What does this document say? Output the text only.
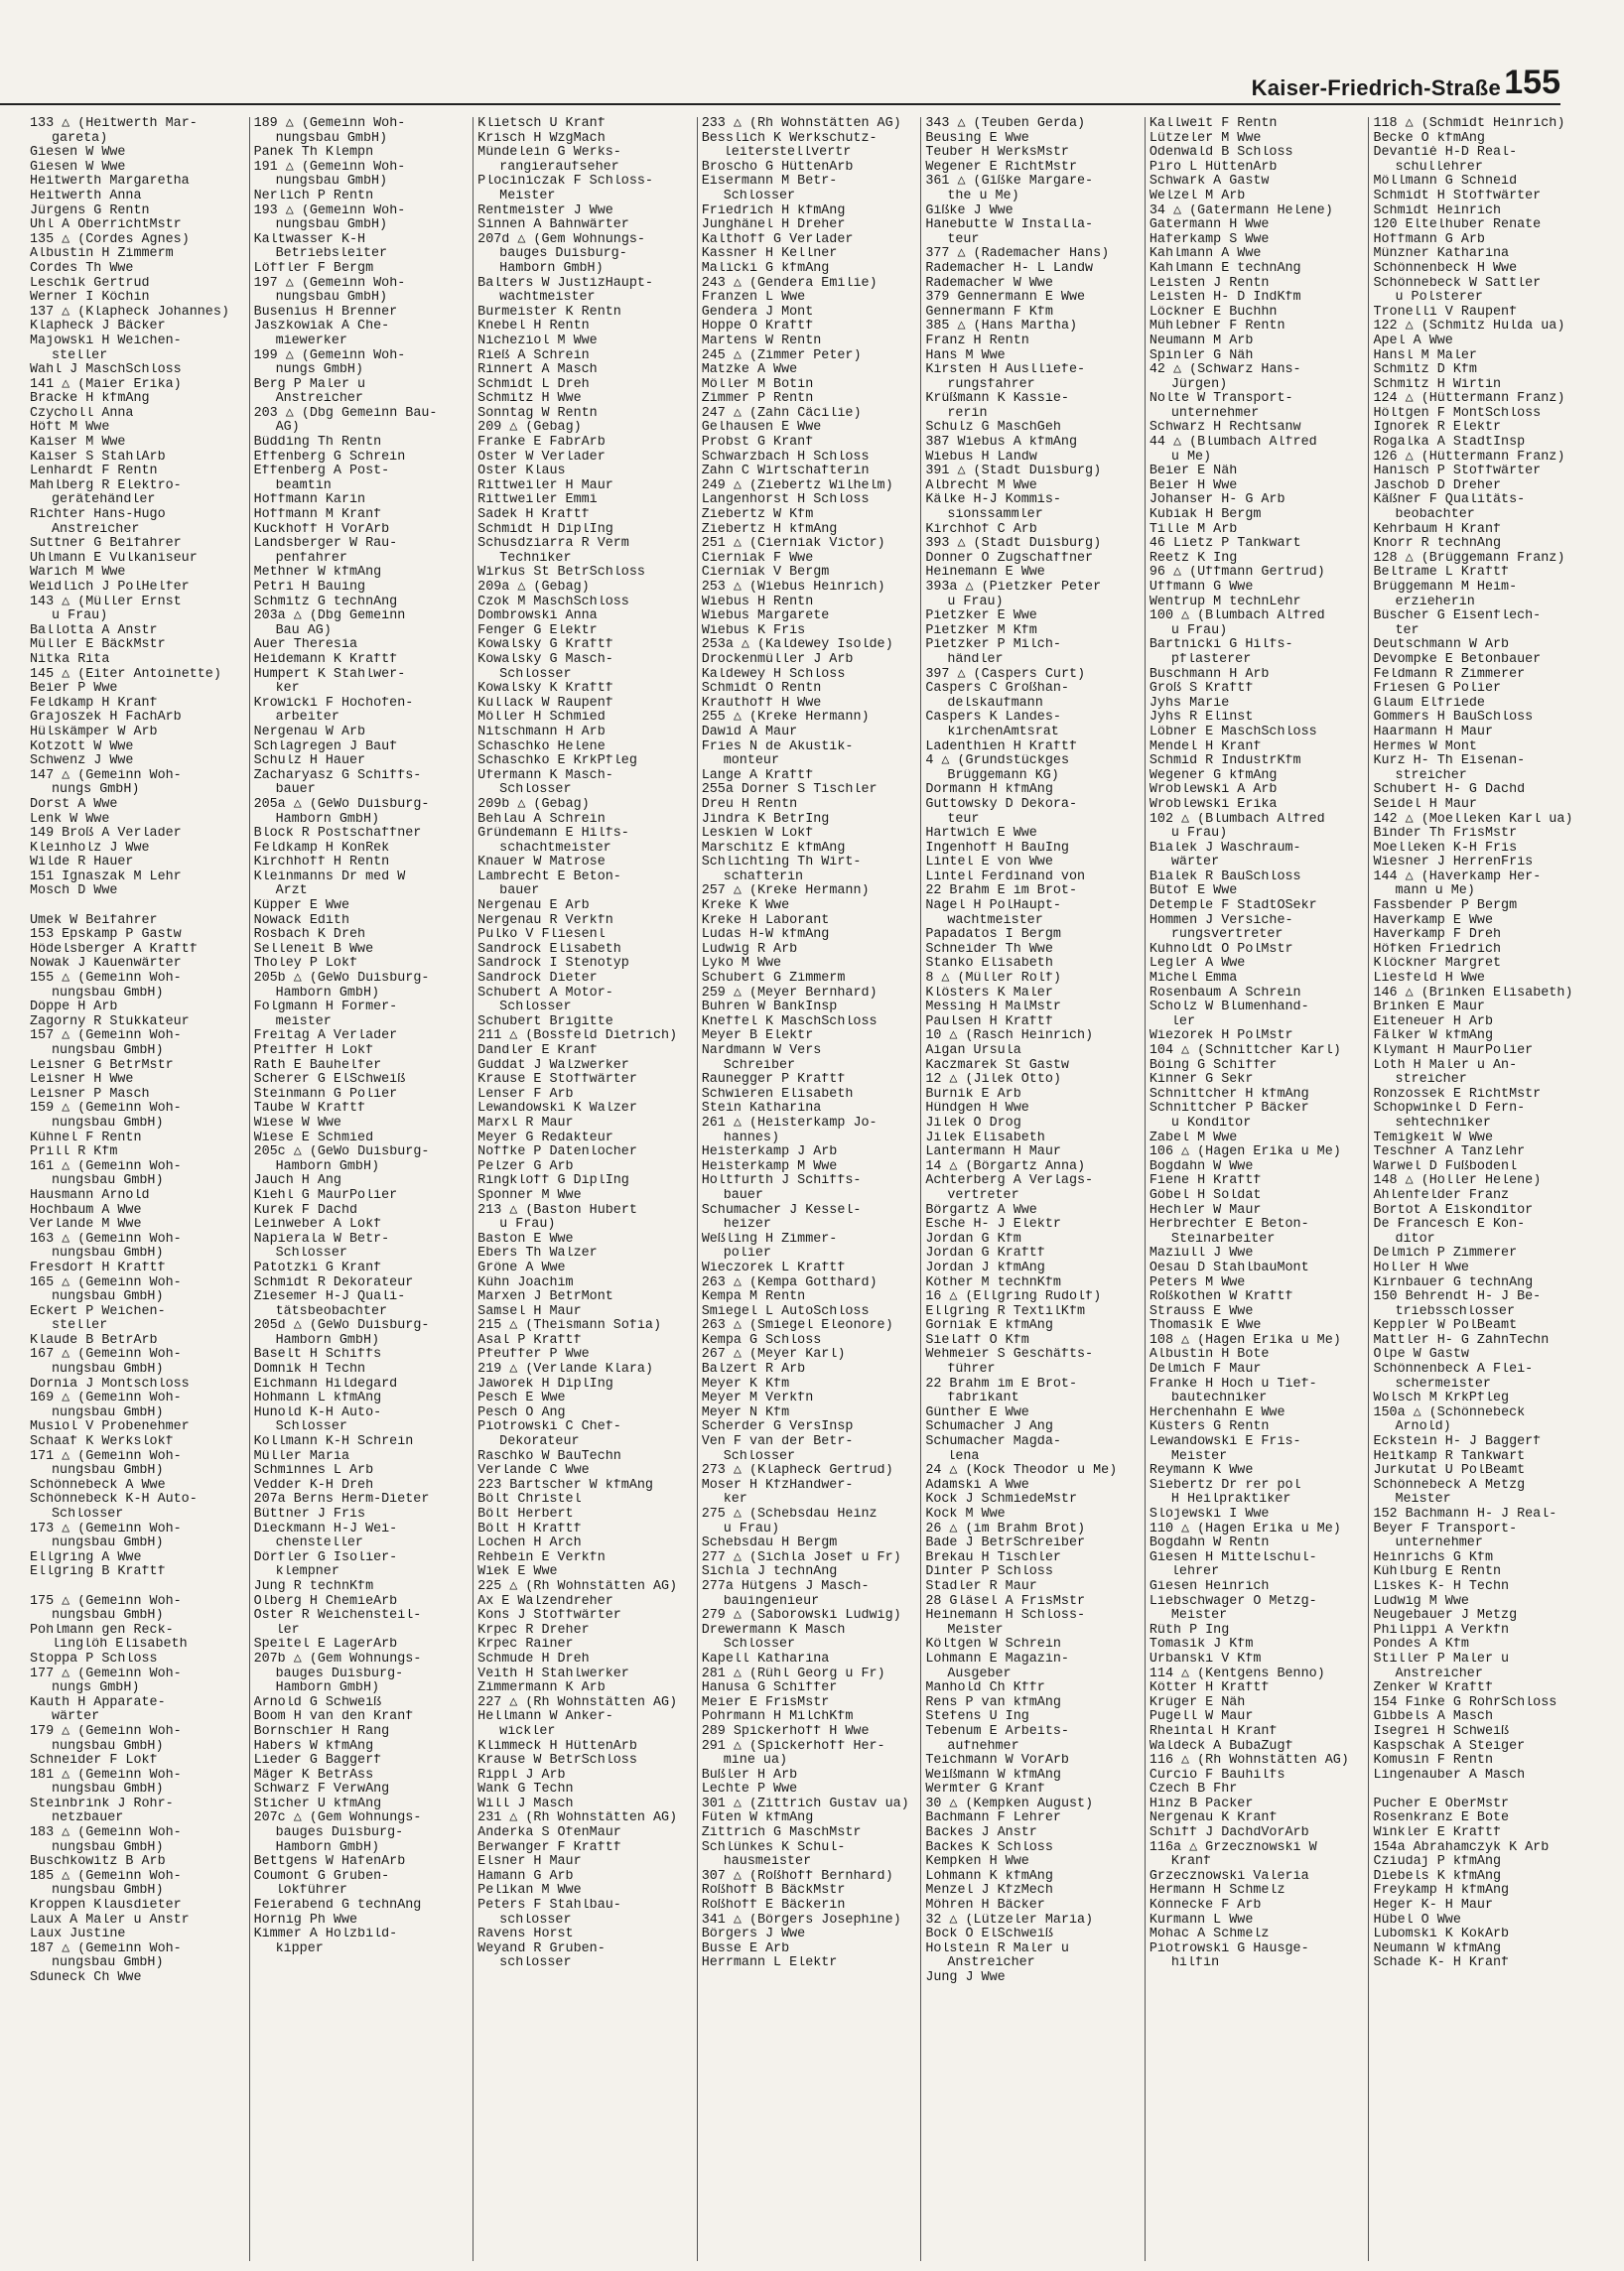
Kaiser-Friedrich-Straße 155
133 △ (Heitwerth Mar-
gareta)
Giesen W Wwe
Giesen W Wwe
Heitwerth Margaretha
Heitwerth Anna
Jürgens G Rentn
Uhl A OberrichtMstr
135 △ (Cordes Agnes)
Albustin H Zimmerm
Cordes Th Wwe
Leschik Gertrud
Werner I Köchin
137 △ (Klapheck Johannes)
Klapheck J Bäcker
Majowski H Weichen-
steller
Wahl J MaschSchloss
141 △ (Maier Erika)
Bracke H kfmAng
Czycholl Anna
Höft M Wwe
Kaiser M Wwe
Kaiser S StahlArb
Lenhardt F Rentn
Mahlberg R Elektro-
gerätehändler
Richter Hans-Hugo
Anstreicher
Suttner G Beifahrer
Uhlmann E Vulkaniseur
Warich M Wwe
Weidlich J PolHelfer
143 △ (Müller Ernst
u Frau)
Ballotta A Anstr
Müller E BäckMstr
Nitka Rita
145 △ (Eiter Antoinette)
Beier P Wwe
Feldkamp H Kranf
Grajoszek H FachArb
Hülskämper W Arb
Kotzott W Wwe
Schwenz J Wwe
147 △ (Gemeinn Woh-
nungs GmbH)
Dorst A Wwe
Lenk W Wwe
149 Broß A Verlader
Kleinholz J Wwe
Wilde R Hauer
151 Ignaszak M Lehr
Mosch D Wwe

Umek W Beifahrer
153 Epskamp P Gastw
Hödelsberger A Kraftf
Nowak J Kauenwärter
155 △ (Gemeinn Woh-
nungsbau GmbH)
Döppe H Arb
Zagorny R Stukkateur
157 △ (Gemeinn Woh-
nungsbau GmbH)
Leisner G BetrMstr
Leisner H Wwe
Leisner P Masch
159 △ (Gemeinn Woh-
nungsbau GmbH)
Kühnel F Rentn
Prill R Kfm
161 △ (Gemeinn Woh-
nungsbau GmbH)
Hausmann Arnold
Hochbaum A Wwe
Verlande M Wwe
163 △ (Gemeinn Woh-
nungsbau GmbH)
Fresdorf H Kraftf
165 △ (Gemeinn Woh-
nungsbau GmbH)
Eckert P Weichen-
steller
Klaude B BetrArb
167 △ (Gemeinn Woh-
nungsbau GmbH)
Dornia J Montschloss
169 △ (Gemeinn Woh-
nungsbau GmbH)
Musiol V Probenehmer
Schaaf K Werkslokf
171 △ (Gemeinn Woh-
nungsbau GmbH)
Schönnebeck A Wwe
Schönnebeck K-H Auto-
Schlosser
173 △ (Gemeinn Woh-
nungsbau GmbH)
Ellgring A Wwe
Ellgring B Kraftf

175 △ (Gemeinn Woh-
nungsbau GmbH)
Pohlmann gen Reck-
linglöh Elisabeth
Stoppa P Schloss
177 △ (Gemeinn Woh-
nungs GmbH)
Kauth H Apparate-
wärter
179 △ (Gemeinn Woh-
nungsbau GmbH)
Schneider F Lokf
181 △ (Gemeinn Woh-
nungsbau GmbH)
Steinbrink J Rohr-
netzbauer
183 △ (Gemeinn Woh-
nungsbau GmbH)
Buschkowitz B Arb
185 △ (Gemeinn Woh-
nungsbau GmbH)
Kroppen Klausdieter
Laux A Maler u Anstr
Laux Justine
187 △ (Gemeinn Woh-
nungsbau GmbH)
Sduneck Ch Wwe
189 △ (Gemeinn Woh-
nungsbau GmbH)
Panek Th Klempn
191 △ (Gemeinn Woh-
nungsbau GmbH)
Nerlich P Rentn
193 △ (Gemeinn Woh-
nungsbau GmbH)
Kaltwasser K-H
Betriebsleiter
Löffler F Bergm
197 △ (Gemeinn Woh-
nungsbau GmbH)
Busenius H Brenner
Jaszkowiak A Che-
miewerker
199 △ (Gemeinn Woh-
nungs GmbH)
Berg P Maler u
Anstreicher
203 △ (Dbg Gemeinn Bau-
AG)
Büdding Th Rentn
Effenberg G Schrein
Effenberg A Post-
beamtin
Hoffmann Karin
Hoffmann M Kranf
Kuckhoff H VorArb
Landsberger W Rau-
penfahrer
Methner W kfmAng
Petri H Bauing
Schmitz G technAng
203a △ (Dbg Gemeinn
Bau AG)
Auer Theresia
Heidemann K Kraftf
Humpert K Stahlwer-
ker
Krowicki F Hochofen-
arbeiter
Nergenau W Arb
Schlagregen J Bauf
Schulz H Hauer
Zacharyasz G Schiffs-
bauer
205a △ (GeWo Duisburg-
Hamborn GmbH)
Block R Postschaffner
Feldkamp H KonRek
Kirchhoff H Rentn
Kleinmanns Dr med W
Arzt
Küpper E Wwe
Nowack Edith
Rosbach K Dreh
Selleneit B Wwe
Tholey P Lokf
205b △ (GeWo Duisburg-
Hamborn GmbH)
Folgmann H Former-
meister
Freitag A Verlader
Pfeiffer H Lokf
Rath E Bauhelfer
Scherer G ElSchweiß
Steinmann G Polier
Taube W Kraftf
Wiese W Wwe
Wiese E Schmied
205c △ (GeWo Duisburg-
Hamborn GmbH)
Jauch H Ang
Kiehl G MaurPolier
Kurek F Dachd
Leinweber A Lokf
Napierala W Betr-
Schlosser
Patotzki G Kranf
Schmidt R Dekorateur
Ziesemer H-J Quali-
tätsbeobachter
205d △ (GeWo Duisburg-
Hamborn GmbH)
Baselt H Schiffs
Domnik H Techn
Eichmann Hildegard
Hohmann L kfmAng
Hunold K-H Auto-
Schlosser
Kollmann K-H Schrein
Müller Maria
Schminnes L Arb
Vedder K-H Dreh
207a Berns Herm-Dieter
Büttner J Fris
Dieckmann H-J Wei-
chensteller
Dörfler G Isolier-
klempner
Jung R technKfm
Olberg H ChemieArb
Oster R Weichensteil-
ler
Speitel E LagerArb
207b △ (Gem Wohnungs-
bauges Duisburg-
Hamborn GmbH)
Arnold G Schweiß
Boom H van den Kranf
Bornschier H Rang
Habers W kfmAng
Lieder G Baggerf
Mäger K BetrAss
Schwarz F VerwAng
Sticher U kfmAng
207c △ (Gem Wohnungs-
bauges Duisburg-
Hamborn GmbH)
Bettgens W HafenArb
Coumont G Gruben-
lokführer
Feierabend G technAng
Hornig Ph Wwe
Kimmer A Holzbild-
kipper
Klietsch U Kranf
Krisch H WzgMach
Mündelein G Werks-
rangieraufseher
Plociniczak F Schloss-
Meister
Rentmeister J Wwe
Sinnen A Bahnwärter
207d △ (Gem Wohnungs-
bauges Duisburg-
Hamborn GmbH)
Balters W JustizHaupt-
wachtmeister
Burmeister K Rentn
Knebel H Rentn
Nicheziol M Wwe
Rieß A Schrein
Rinnert A Masch
Schmidt L Dreh
Schmitz H Wwe
Sonntag W Rentn
209 △ (Gebag)
Franke E FabrArb
Oster W Verlader
Oster Klaus
Rittweiler H Maur
Rittweiler Emmi
Sadek H Kraftf
Schmidt H DiplIng
Schusdziarra R Verm
Techniker
Wirkus St BetrSchloss
209a △ (Gebag)
Czok M MaschSchloss
Dombrowski Anna
Fenger G Elektr
Kowalsky G Kraftf
Kowalsky G Masch-
Schlosser
Kowalsky K Kraftf
Kullack W Raupenf
Möller H Schmied
Nitschmann H Arb
Schaschko Helene
Schaschko E KrkPfleg
Ufermann K Masch-
Schlosser
209b △ (Gebag)
Behlau A Schrein
Gründemann E Hilfs-
schachtmeister
Knauer W Matrose
Lambrecht E Beton-
bauer
Nergenau E Arb
Nergenau R Verkfn
Pulko V Fliesenl
Sandrock Elisabeth
Sandrock I Stenotyp
Sandrock Dieter
Schubert A Motor-
Schlosser
Schubert Brigitte
211 △ (Bossfeld Dietrich)
Dandler E Kranf
Guddat J Walzwerker
Krause E Stoffwärter
Lenser F Arb
Lewandowski K Walzer
Marxl R Maur
Meyer G Redakteur
Noffke P Datenlocher
Pelzer G Arb
Ringkloff G DiplIng
Sponner M Wwe
213 △ (Baston Hubert
u Frau)
Baston E Wwe
Ebers Th Walzer
Gröne A Wwe
Kühn Joachim
Marxen J BetrMont
Samsel H Maur
215 △ (Theismann Sofia)
Asal P Kraftf
Pfeuffer P Wwe
219 △ (Verlande Klara)
Jaworek H DiplIng
Pesch E Wwe
Pesch O Ang
Piotrowski C Chef-
Dekorateur
Raschko W BauTechn
Verlande C Wwe
223 Bartscher W kfmAng
Bölt Christel
Bölt Herbert
Bölt H Kraftf
Lochen H Arch
Rehbein E Verkfn
Wiek E Wwe
225 △ (Rh Wohnstätten AG)
Ax E Walzendreher
Kons J Stoffwärter
Krpec R Dreher
Krpec Rainer
Schmude H Dreh
Veith H Stahlwerker
Zimmermann K Arb
227 △ (Rh Wohnstätten AG)
Hellmann W Anker-
wickler
Klimmeck H HüttenArb
Krause W BetrSchloss
Rippl J Arb
Wank G Techn
Will J Masch
231 △ (Rh Wohnstätten AG)
Anderka S OfenMaur
Berwanger F Kraftf
Elsner H Maur
Hamann G Arb
Pelikan M Wwe
Peters F Stahlbau-
schlosser
Ravens Horst
Weyand R Gruben-
schlosser
233 △ (Rh Wohnstätten AG)
Besslich K Werkschutz-
leiterstellvertr
Broscho G HüttenArb
Eisermann M Betr-
Schlosser
Friedrich H kfmAng
Junghänel H Dreher
Kalthoff G Verlader
Kassner H Kellner
Malicki G kfmAng
243 △ (Gendera Emilie)
Franzen L Wwe
Gendera J Mont
Hoppe O Kraftf
Martens W Rentn
245 △ (Zimmer Peter)
Matzke A Wwe
Möller M Botin
Zimmer P Rentn
247 △ (Zahn Cäcilie)
Gelhausen E Wwe
Probst G Kranf
Schwarzbach H Schloss
Zahn C Wirtschafterin
249 △ (Ziebertz Wilhelm)
Langenhorst H Schloss
Ziebertz W Kfm
Ziebertz H kfmAng
251 △ (Cierniak Victor)
Cierniak F Wwe
Cierniak V Bergm
253 △ (Wiebus Heinrich)
Wiebus H Rentn
Wiebus Margarete
Wiebus K Fris
253a △ (Kaldewey Isolde)
Drockenmüller J Arb
Kaldewey H Schloss
Schmidt O Rentn
Krauthoff H Wwe
255 △ (Kreke Hermann)
Dawid A Maur
Fries N de Akustik-
monteur
Lange A Kraftf
255a Dorner S Tischler
Dreu H Rentn
Jindra K BetrIng
Leskien W Lokf
Marschitz E kfmAng
Schlichting Th Wirt-
schafterin
257 △ (Kreke Hermann)
Kreke K Wwe
Kreke H Laborant
Ludas H-W kfmAng
Ludwig R Arb
Lyko M Wwe
Schubert G Zimmerm
259 △ (Meyer Bernhard)
Buhren W BankInsp
Kneffel K MaschSchloss
Meyer B Elektr
Nardmann W Vers
Schreiber
Raunegger P Kraftf
Schwieren Elisabeth
Stein Katharina
261 △ (Heisterkamp Jo-
hannes)
Heisterkamp J Arb
Heisterkamp M Wwe
Holtfurth J Schiffs-
bauer
Schumacher J Kessel-
heizer
Weßling H Zimmer-
polier
Wieczorek L Kraftf
263 △ (Kempa Gotthard)
Kempa M Rentn
Smiegel L AutoSchloss
263 △ (Smiegel Eleonore)
Kempa G Schloss
267 △ (Meyer Karl)
Balzert R Arb
Meyer K Kfm
Meyer M Verkfn
Meyer N Kfm
Scherder G VersInsp
Ven F van der Betr-
Schlosser
273 △ (Klapheck Gertrud)
Moser H KfzHandwer-
ker
275 △ (Schebsdau Heinz
u Frau)
Schebsdau H Bergm
277 △ (Sichla Josef u Fr)
Sichla J technAng
277a Hütgens J Masch-
bauingenieur
279 △ (Saborowski Ludwig)
Drewermann K Masch
Schlosser
Kapell Katharina
281 △ (Rühl Georg u Fr)
Hanusa G Schiffer
Meier E FrisMstr
Pohrmann H MilchKfm
289 Spickerhoff H Wwe
291 △ (Spickerhoff Her-
mine ua)
Bußler H Arb
Lechte P Wwe
301 △ (Zittrich Gustav ua)
Füten W kfmAng
Zittrich G MaschMstr
Schlünkes K Schul-
hausmeister
307 △ (Roßhoff Bernhard)
Roßhoff B BäckMstr
Roßhoff E Bäckerin
341 △ (Börgers Josephine)
Börgers J Wwe
Busse E Arb
Herrmann L Elektr
343 △ (Teuben Gerda)
Beusing E Wwe
Teuber H WerksMstr
Wegener E RichtMstr
361 △ (Gißke Margare-
the u Me)
Gißke J Wwe
Hanebutte W Installa-
teur
377 △ (Rademacher Hans)
Rademacher H- L Landw
Rademacher W Wwe
379 Gennermann E Wwe
Gennermann F Kfm
385 △ (Hans Martha)
Franz H Rentn
Hans M Wwe
Kirsten H Auslliefe-
rungsfahrer
Krüßmann K Kassie-
rerin
Schulz G MaschGeh
387 Wiebus A kfmAng
Wiebus H Landw
391 △ (Stadt Duisburg)
Albrecht M Wwe
Kälke H-J Kommis-
sionssammler
Kirchhof C Arb
393 △ (Stadt Duisburg)
Donner O Zugschaffner
Heinemann E Wwe
393a △ (Pietzker Peter
u Frau)
Pietzker E Wwe
Pietzker M Kfm
Pietzker P Milch-
händler
397 △ (Caspers Curt)
Caspers C Großhan-
delskaufmann
Caspers K Landes-
kirchenAmtsrat
Ladenthien H Kraftf
4 △ (Grundstückges
Brüggemann KG)
Dormann H kfmAng
Guttowsky D Dekora-
teur
Hartwich E Wwe
Ingenhoff H BauIng
Lintel E von Wwe
Lintel Ferdinand von
22 Brahm E im Brot-
Nagel H PolHaupt-
wachtmeister
Papadatos I Bergm
Schneider Th Wwe
Stanko Elisabeth
8 △ (Müller Rolf)
Klösters K Maler
Messing H MalMstr
Paulsen H Kraftf
10 △ (Rasch Heinrich)
Aigan Ursula
Kaczmarek St Gastw
12 △ (Jilek Otto)
Burnik E Arb
Hündgen H Wwe
Jilek O Drog
Jilek Elisabeth
Lantermann H Maur
14 △ (Börgartz Anna)
Achterberg A Verlags-
vertreter
Börgartz A Wwe
Esche H- J Elektr
Jordan G Kfm
Jordan G Kraftf
Jordan J kfmAng
Köther M technKfm
16 △ (Ellgring Rudolf)
Ellgring R TextilKfm
Gorniak E kfmAng
Sielaff O Kfm
Wehmeier S Geschäfts-
führer
22 Brahm im E Brot-
fabrikant
Günther E Wwe
Schumacher J Ang
Schumacher Magda-
lena
24 △ (Kock Theodor u Me)
Adamski A Wwe
Kock J SchmiedeMstr
Kock M Wwe
26 △ (im Brahm Brot)
Bade J BetrSchreiber
Brekau H Tischler
Dinter P Schloss
Stadler R Maur
28 Gläsel A FrisMstr
Heinemann H Schloss-
Meister
Költgen W Schrein
Lohmann E Magazin-
Ausgeber
Manhold Ch Kffr
Rens P van kfmAng
Stefens U Ing
Tebenum E Arbeits-
aufnehmer
Teichmann W VorArb
Weißmann W kfmAng
Wermter G Kranf
30 △ (Kempken August)
Bachmann F Lehrer
Backes J Anstr
Backes K Schloss
Kempken H Wwe
Lohmann K kfmAng
Menzel J KfzMech
Möhren H Bäcker
32 △ (Lützeler Maria)
Bock O ElSchweiß
Holstein R Maler u
Anstreicher
Jung J Wwe
Kallweit F Rentn
Lützeler M Wwe
Odenwald B Schloss
Piro L HüttenArb
Schwark A Gastw
Welzel M Arb
34 △ (Gatermann Helene)
Gatermann H Wwe
Haferkamp S Wwe
Kahlmann A Wwe
Kahlmann E technAng
Leisten J Rentn
Leisten H- D IndKfm
Löckner E Buchhn
Mühlebner F Rentn
Neumann M Arb
Spinler G Näh
42 △ (Schwarz Hans-
Jürgen)
Nolte W Transport-
unternehmer
Schwarz H Rechtsanw
44 △ (Blumbach Alfred
u Me)
Beier E Näh
Beier H Wwe
Johanser H- G Arb
Kubiak H Bergm
Tille M Arb
46 Lietz P Tankwart
Reetz K Ing
96 △ (Uffmann Gertrud)
Uffmann G Wwe
Wentrup M technLehr
100 △ (Blumbach Alfred
u Frau)
Bartnicki G Hilfs-
pflasterer
Buschmann H Arb
Groß S Kraftf
Jyhs Marie
Jyhs R Elinst
Löbner E MaschSchloss
Mendel H Kranf
Schmid R IndustrKfm
Wegener G kfmAng
Wroblewski A Arb
Wroblewski Erika
102 △ (Blumbach Alfred
u Frau)
Bialek J Waschraum-
wärter
Bialek R BauSchloss
Bütof E Wwe
Detemple F StadtOSekr
Hommen J Versiche-
rungsvertreter
Kuhnoldt O PolMstr
Legler A Wwe
Michel Emma
Rosenbaum A Schrein
Scholz W Blumenhand-
ler
Wiezorek H PolMstr
104 △ (Schnittcher Karl)
Böing G Schiffer
Kinner G Sekr
Schnittcher H kfmAng
Schnittcher P Bäcker
u Konditor
Zabel M Wwe
106 △ (Hagen Erika u Me)
Bogdahn W Wwe
Fiene H Kraftf
Göbel H Soldat
Hechler W Maur
Herbrechter E Beton-
Steinarbeiter
Maziull J Wwe
Oesau D StahlbauMont
Peters M Wwe
Roßkothen W Kraftf
Strauss E Wwe
Thomasik E Wwe
108 △ (Hagen Erika u Me)
Albustin H Bote
Delmich F Maur
Franke H Hoch u Tief-
bautechniker
Herchenhahn E Wwe
Küsters G Rentn
Lewandowski E Fris-
Meister
Reymann K Wwe
Siebertz Dr rer pol
H Heilpraktiker
Slojewski I Wwe
110 △ (Hagen Erika u Me)
Bogdahn W Rentn
Giesen H Mittelschul-
lehrer
Giesen Heinrich
Liebschwager O Metzg-
Meister
Rüth P Ing
Tomasik J Kfm
Urbanski V Kfm
114 △ (Kentgens Benno)
Kötter H Kraftf
Krüger E Näh
Pugell W Maur
Rheintal H Kranf
Waldeck A BubaZugf
116 △ (Rh Wohnstätten AG)
Curcio F Bauhilfs
Czech B Fhr
Hinz B Packer
Nergenau K Kranf
Schiff J DachdVorArb
116a △ Grzecznowski W
Kranf
Grzecznowski Valeria
Hermann H Schmelz
Könnecke F Arb
Kurmann L Wwe
Mohac A Schmelz
Piotrowski G Hausge-
hilfin
118 △ (Schmidt Heinrich)
Becke O kfmAng
Devantié H-D Real-
schullehrer
Möllmann G Schneid
Schmidt H Stoffwärter
Schmidt Heinrich
120 Eltelhuber Renate
Hoffmann G Arb
Münzner Katharina
Schönnenbeck H Wwe
Schönnebeck W Sattler
u Polsterer
Tronelli V Raupenf
122 △ (Schmitz Hulda ua)
Apel A Wwe
Hansl M Maler
Schmitz D Kfm
Schmitz H Wirtin
124 △ (Hüttermann Franz)
Höltgen F MontSchloss
Ignorek R Elektr
Rogalka A StadtInsp
126 △ (Hüttermann Franz)
Hanisch P Stoffwärter
Jaschob D Dreher
Käßner F Qualitäts-
beobachter
Kehrbaum H Kranf
Knorr R technAng
128 △ (Brüggemann Franz)
Beltrame L Kraftf
Brüggemann M Heim-
erzieherin
Büscher G Eisenflech-
ter
Deutschmann W Arb
Devompke E Betonbauer
Feldmann R Zimmerer
Friesen G Polier
Glaum Elfriede
Gommers H BauSchloss
Haarmann H Maur
Hermes W Mont
Kurz H- Th Eisenan-
streicher
Schubert H- G Dachd
Seidel H Maur
142 △ (Moelleken Karl ua)
Binder Th FrisMstr
Moelleken K-H Fris
Wiesner J HerrenFris
144 △ (Haverkamp Her-
mann u Me)
Fassbender P Bergm
Haverkamp E Wwe
Haverkamp F Dreh
Höfken Friedrich
Klöckner Margret
Liesfeld H Wwe
146 △ (Brinken Elisabeth)
Brinken E Maur
Eiteneuer H Arb
Fälker W kfmAng
Klymant H MaurPolier
Loth H Maler u An-
streicher
Ronzossek E RichtMstr
Schopwinkel D Fern-
sehtechniker
Temigkeit W Wwe
Teschner A Tanzlehr
Warwel D Fußbodenl
148 △ (Holler Helene)
Ahlenfelder Franz
Bortot A Eiskonditor
De Francesch E Kon-
ditor
Delmich P Zimmerer
Holler H Wwe
Kirnbauer G technAng
150 Behrendt H- J Be-
triebsschlosser
Keppler W PolBeamt
Mattler H- G ZahnTechn
Olpe W Gastw
Schönnenbeck A Flei-
schermeister
Wolsch M KrkPfleg
150a △ (Schönnebeck
Arnold)
Eckstein H- J Baggerf
Heitkamp R Tankwart
Jurkutat U PolBeamt
Schönnebeck A Metzg
Meister
152 Bachmann H- J Real-
Beyer F Transport-
unternehmer
Heinrichs G Kfm
Kühlburg E Rentn
Liskes K- H Techn
Ludwig M Wwe
Neugebauer J Metzg
Philippi A Verkfn
Pondes A Kfm
Stiller P Maler u
Anstreicher
Zenker W Kraftf
154 Finke G RohrSchloss
Gibbels A Masch
Isegrei H Schweiß
Kaspschak A Steiger
Komusin F Rentn
Lingenauber A Masch

Pucher E OberMstr
Rosenkranz E Bote
Winkler E Kraftf
154a Abrahamczyk K Arb
Cziudaj P kfmAng
Diebels K kfmAng
Freykamp H kfmAng
Heger K- H Maur
Hübel O Wwe
Lubomski K KokArb
Neumann W kfmAng
Schade K- H Kranf
